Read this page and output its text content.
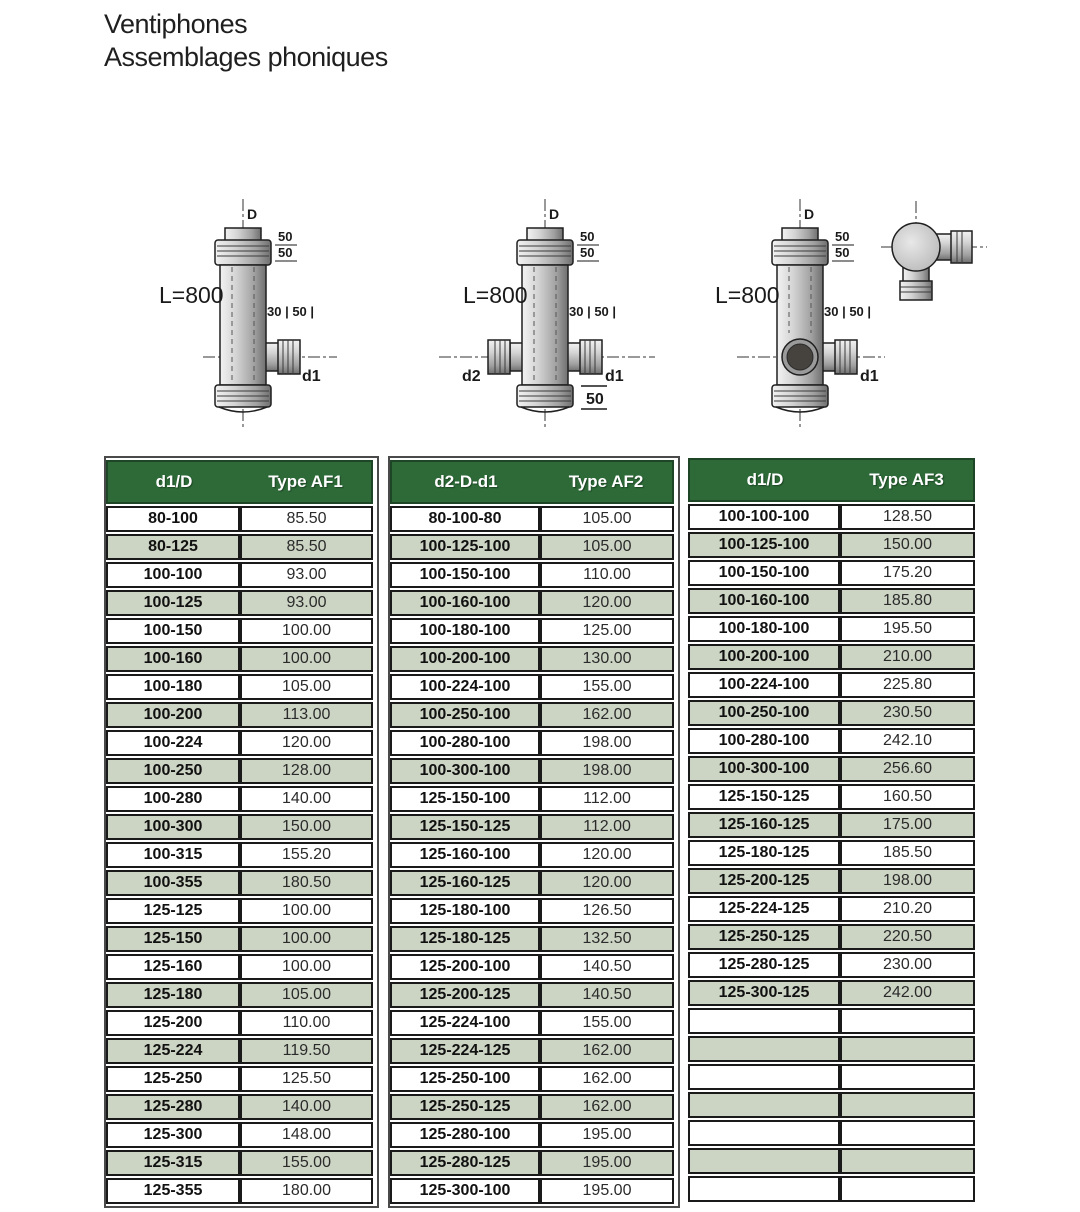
Ventiphones
Assemblages phoniques
D
50
50
L=800
30 | 50 |
d1
D
50
50
L=800
30 | 50 |
d2	d1
50
D
50
50
L=800
30 | 50 |
d1
d1/D	Type AF1
80-100	85.50
80-125	85.50
100-100	93.00
100-125	93.00
100-150	100.00
100-160	100.00
100-180	105.00
100-200	113.00
100-224	120.00
100-250	128.00
100-280	140.00
100-300	150.00
100-315	155.20
100-355	180.50
125-125	100.00
125-150	100.00
125-160	100.00
125-180	105.00
125-200	110.00
125-224	119.50
125-250	125.50
125-280	140.00
125-300	148.00
125-315	155.00
125-355	180.00
d2-D-d1	Type AF2
80-100-80	105.00
100-125-100	105.00
100-150-100	110.00
100-160-100	120.00
100-180-100	125.00
100-200-100	130.00
100-224-100	155.00
100-250-100	162.00
100-280-100	198.00
100-300-100	198.00
125-150-100	112.00
125-150-125	112.00
125-160-100	120.00
125-160-125	120.00
125-180-100	126.50
125-180-125	132.50
125-200-100	140.50
125-200-125	140.50
125-224-100	155.00
125-224-125	162.00
125-250-100	162.00
125-250-125	162.00
125-280-100	195.00
125-280-125	195.00
125-300-100	195.00
d1/D	Type AF3
100-100-100	128.50
100-125-100	150.00
100-150-100	175.20
100-160-100	185.80
100-180-100	195.50
100-200-100	210.00
100-224-100	225.80
100-250-100	230.50
100-280-100	242.10
100-300-100	256.60
125-150-125	160.50
125-160-125	175.00
125-180-125	185.50
125-200-125	198.00
125-224-125	210.20
125-250-125	220.50
125-280-125	230.00
125-300-125	242.00
